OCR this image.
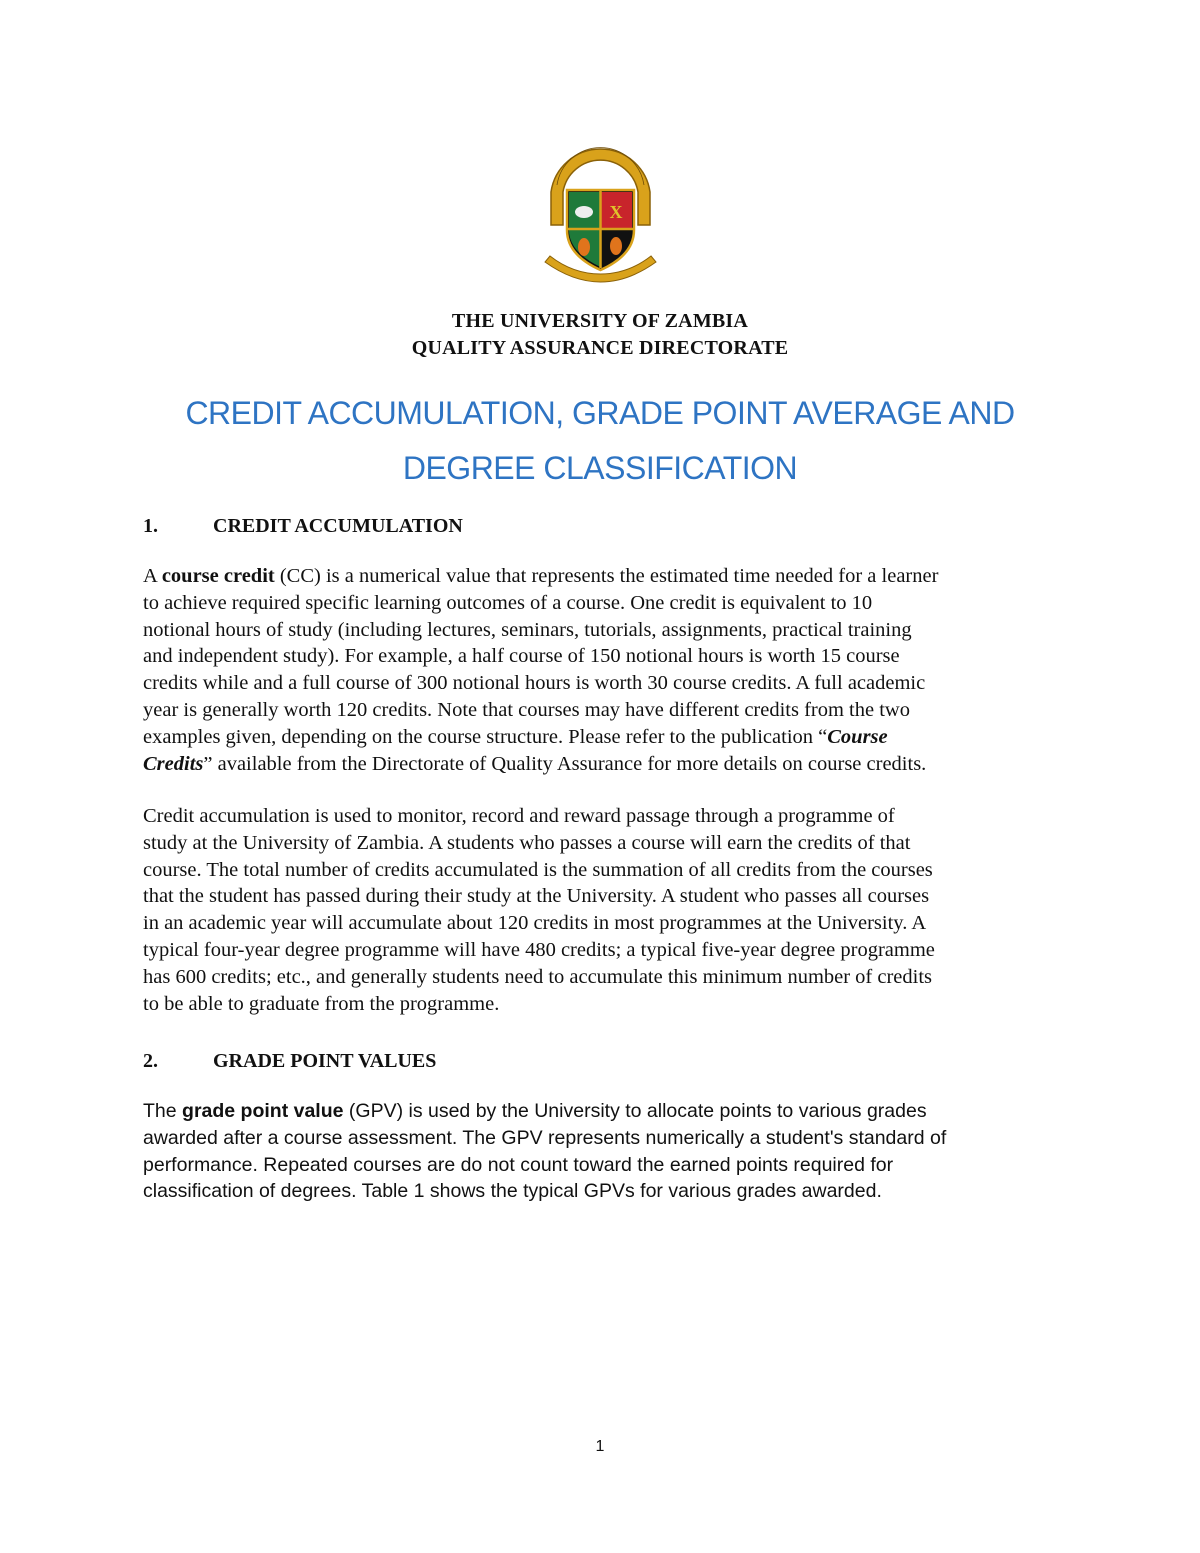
X
THE UNIVERSITY OF ZAMBIA
QUALITY ASSURANCE DIRECTORATE
CREDIT ACCUMULATION, GRADE POINT AVERAGE AND
DEGREE CLASSIFICATION
1.	CREDIT ACCUMULATION
A course credit (CC) is a numerical value that represents the estimated time needed for a learner
to achieve required specific learning outcomes of a course. One credit is equivalent to 10
notional hours of study (including lectures, seminars, tutorials, assignments, practical training
and independent study). For example, a half course of 150 notional hours is worth 15 course
credits while and a full course of 300 notional hours is worth 30 course credits. A full academic
year is generally worth 120 credits. Note that courses may have different credits from the two
examples given, depending on the course structure. Please refer to the publication “Course
Credits” available from the Directorate of Quality Assurance for more details on course credits.
Credit accumulation is used to monitor, record and reward passage through a programme of
study at the University of Zambia. A students who passes a course will earn the credits of that
course. The total number of credits accumulated is the summation of all credits from the courses
that the student has passed during their study at the University. A student who passes all courses
in an academic year will accumulate about 120 credits in most programmes at the University. A
typical four-year degree programme will have 480 credits; a typical five-year degree programme
has 600 credits; etc., and generally students need to accumulate this minimum number of credits
to be able to graduate from the programme.
2.	GRADE POINT VALUES
The grade point value (GPV) is used by the University to allocate points to various grades
awarded after a course assessment. The GPV represents numerically a student's standard of
performance. Repeated courses are do not count toward the earned points required for
classification of degrees. Table 1 shows the typical GPVs for various grades awarded.
1
